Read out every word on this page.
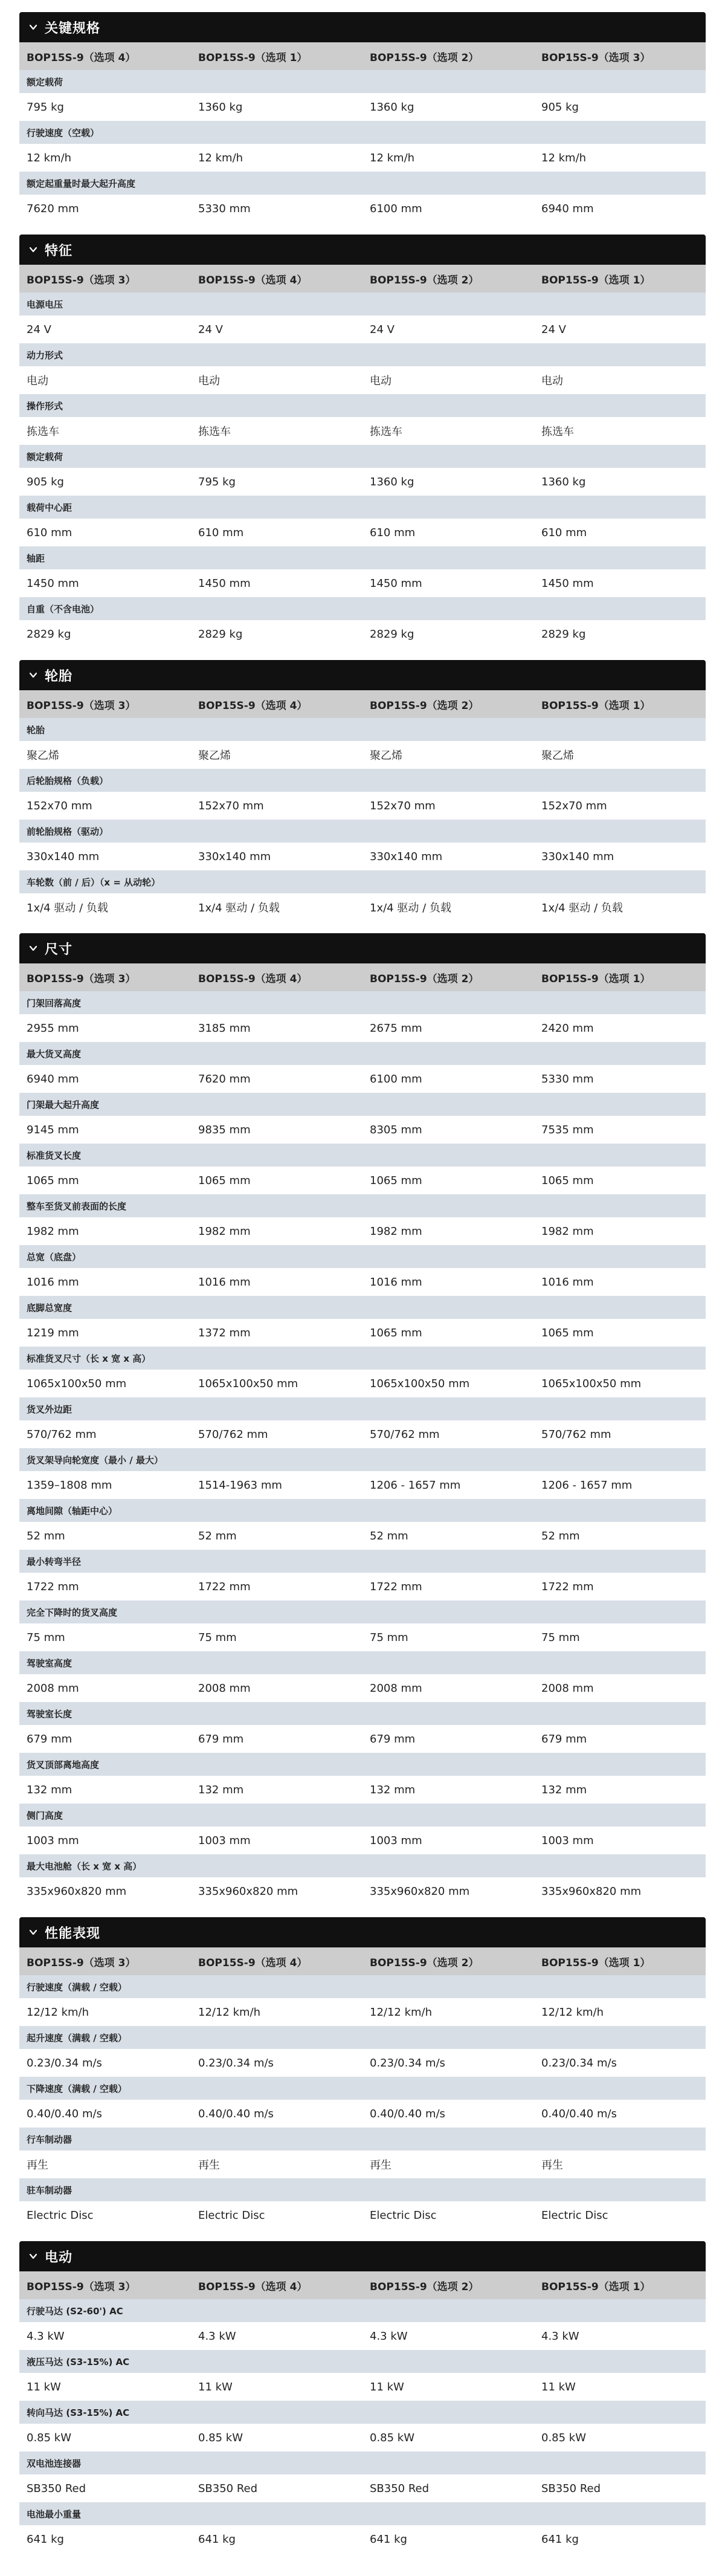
关键规格
BOP15S-9（选项 4）	BOP15S-9（选项 1）	BOP15S-9（选项 2）	BOP15S-9（选项 3）
额定载荷
795 kg	1360 kg	1360 kg	905 kg
行驶速度（空载）
12 km/h	12 km/h	12 km/h	12 km/h
额定起重量时最大起升高度
7620 mm	5330 mm	6100 mm	6940 mm
特征
BOP15S-9（选项 3）	BOP15S-9（选项 4）	BOP15S-9（选项 2）	BOP15S-9（选项 1）
电源电压
24 V	24 V	24 V	24 V
动力形式
电动	电动	电动	电动
操作形式
拣选车	拣选车	拣选车	拣选车
额定载荷
905 kg	795 kg	1360 kg	1360 kg
载荷中心距
610 mm	610 mm	610 mm	610 mm
轴距
1450 mm	1450 mm	1450 mm	1450 mm
自重（不含电池）
2829 kg	2829 kg	2829 kg	2829 kg
轮胎
BOP15S-9（选项 3）	BOP15S-9（选项 4）	BOP15S-9（选项 2）	BOP15S-9（选项 1）
轮胎
聚乙烯	聚乙烯	聚乙烯	聚乙烯
后轮胎规格（负载）
152x70 mm	152x70 mm	152x70 mm	152x70 mm
前轮胎规格（驱动）
330x140 mm	330x140 mm	330x140 mm	330x140 mm
车轮数（前 / 后）（x = 从动轮）
1x/4 驱动 / 负载	1x/4 驱动 / 负载	1x/4 驱动 / 负载	1x/4 驱动 / 负载
尺寸
BOP15S-9（选项 3）	BOP15S-9（选项 4）	BOP15S-9（选项 2）	BOP15S-9（选项 1）
门架回落高度
2955 mm	3185 mm	2675 mm	2420 mm
最大货叉高度
6940 mm	7620 mm	6100 mm	5330 mm
门架最大起升高度
9145 mm	9835 mm	8305 mm	7535 mm
标准货叉长度
1065 mm	1065 mm	1065 mm	1065 mm
整车至货叉前表面的长度
1982 mm	1982 mm	1982 mm	1982 mm
总宽（底盘）
1016 mm	1016 mm	1016 mm	1016 mm
底脚总宽度
1219 mm	1372 mm	1065 mm	1065 mm
标准货叉尺寸（长 x 宽 x 高）
1065x100x50 mm	1065x100x50 mm	1065x100x50 mm	1065x100x50 mm
货叉外边距
570/762 mm	570/762 mm	570/762 mm	570/762 mm
货叉架导向轮宽度（最小 / 最大）
1359–1808 mm	1514-1963 mm	1206 - 1657 mm	1206 - 1657 mm
离地间隙（轴距中心）
52 mm	52 mm	52 mm	52 mm
最小转弯半径
1722 mm	1722 mm	1722 mm	1722 mm
完全下降时的货叉高度
75 mm	75 mm	75 mm	75 mm
驾驶室高度
2008 mm	2008 mm	2008 mm	2008 mm
驾驶室长度
679 mm	679 mm	679 mm	679 mm
货叉顶部离地高度
132 mm	132 mm	132 mm	132 mm
侧门高度
1003 mm	1003 mm	1003 mm	1003 mm
最大电池舱（长 x 宽 x 高）
335x960x820 mm	335x960x820 mm	335x960x820 mm	335x960x820 mm
性能表现
BOP15S-9（选项 3）	BOP15S-9（选项 4）	BOP15S-9（选项 2）	BOP15S-9（选项 1）
行驶速度（满载 / 空载）
12/12 km/h	12/12 km/h	12/12 km/h	12/12 km/h
起升速度（满载 / 空载）
0.23/0.34 m/s	0.23/0.34 m/s	0.23/0.34 m/s	0.23/0.34 m/s
下降速度（满载 / 空载）
0.40/0.40 m/s	0.40/0.40 m/s	0.40/0.40 m/s	0.40/0.40 m/s
行车制动器
再生	再生	再生	再生
驻车制动器
Electric Disc	Electric Disc	Electric Disc	Electric Disc
电动
BOP15S-9（选项 3）	BOP15S-9（选项 4）	BOP15S-9（选项 2）	BOP15S-9（选项 1）
行驶马达 (S2-60') AC
4.3 kW	4.3 kW	4.3 kW	4.3 kW
液压马达 (S3-15%) AC
11 kW	11 kW	11 kW	11 kW
转向马达 (S3-15%) AC
0.85 kW	0.85 kW	0.85 kW	0.85 kW
双电池连接器
SB350 Red	SB350 Red	SB350 Red	SB350 Red
电池最小重量
641 kg	641 kg	641 kg	641 kg
